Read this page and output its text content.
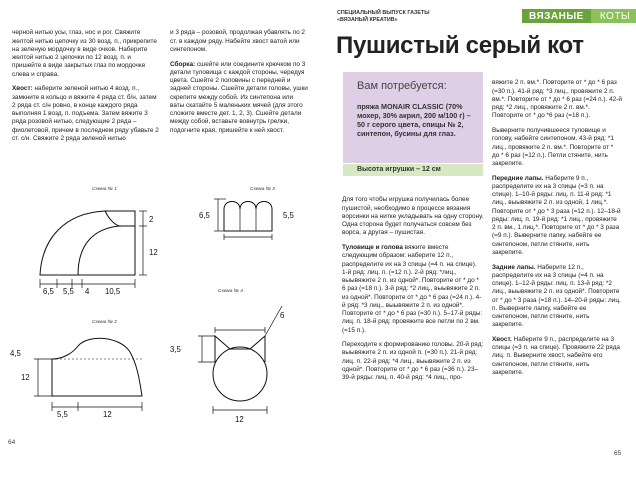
черной нитью усы, глаз, нос и рог. Свяжите желтой нитью цепочку из 30 возд. п., прикрепите на зеленую мордочку в виде очков. Наберите желтой нитью 2 цепочки по 12 возд. п. и пришейте в виде закрытых глаз по мордочке слева и справа.

Хвост: наберите зеленой нитью 4 возд. п., замкните в кольцо и вяжите 4 ряда ст. б/н, затем 2 ряда ст. с/н ровно, в конце каждого ряда выполняя 1 возд. п. подъема. Затем вяжите 3 ряда розовой нитью, следующие 2 ряда – фиолетовой, причем в последнем ряду убавьте 2 ст. с/н. Свяжите 2 ряда зеленой нитью

и 3 ряда – розовой, продолжая убавлять по 2 ст. в каждом ряду. Набейте хвост ватой или синтепоном.

Сборка: сшейте или соедините крючком по 3 детали туловища с каждой стороны, чередуя цвета. Сшейте 2 половины с передней и задней стороны. Сшейте детали головы, ушки скрепите между собой. Из синтепона или ваты скатайте 5 маленьких мячей (для этого сложите вместе дет. 1, 2, 3). Сшейте детали между собой, вставьте вовнутрь грелки, подогните края, пришейте к ней хвост.

Схема № 1
2
12
6,5 5,5 4 10,5
Схема № 2
4,5
12
5,5	12
Схема № 3
6,5	5,5
Схема № 4
6
3,5
12
64
СПЕЦИАЛЬНЫЙ ВЫПУСК ГАЗЕТЫ
«ВЯЗАНЫЙ КРЕАТИВ»	ВЯЗАНЫЕ	КОТЫ
Пушистый серый кот
Вам потребуется:
пряжа MONAIR CLASSIC (70% мохер, 30% акрил, 200 м/100 г) – 50 г серого цвета, спицы № 2, синтепон, бусины для глаз.
Высота игрушки – 12 см

Для того чтобы игрушка получилась более пушистой, необходимо в процессе вязания ворсинки на нитке укладывать на одну сторону. Одна сторона будет получаться совсем без ворса, а другая – пушистая.

Туловище и голова вяжите вместе следующим образом: наберите 12 п., распределите их на 3 спицы (=4 п. на спице). 1-й ряд: лиц. п. (=12 п.). 2-й ряд: *лиц., выывяжите 2 п. из одной*. Повторите от * до * 6 раз (=18 п.). 3-й ряд: *2 лиц., выывяжите 2 п. из одной*. Повторите от * до * 6 раз (=24 п.). 4-й ряд: *3 лиц., выывяжите 2 п. из одной*. Повторите от * до * 6 раз (=30 п.). 5–17-й ряды: лиц. п. 18-й ряд: провяжите все петли по 2 вм. (=15 п.).

Переходите к формированию головы. 20-й ряд: выывяжите 2 п. из одной п. (=30 п.). 21-й ряд: лиц. п. 22-й ряд: *4 лиц., выывяжите 2 п. из одной*. Повторите от * до * 6 раз (=36 п.). 23–39-й ряды: лиц. п. 40-й ряд: *4 лиц., про-

вяжите 2 п. вм.*. Повторите от * до * 6 раз (=30 п.). 41-й ряд: *3 лиц., провяжите 2 п. вм.*. Повторите от * до * 6 раз (=24 п.). 42-й ряд: *2 лиц., провяжите 2 п. вм.*. Повторите от * до *6 раз (=18 п.).

Выверните получившееся туловище и голову, набейте синтепоном. 43-й ряд: *1 лиц., провяжите 2 п. вм.*. Повторите от * до * 6 раз (=12 п.). Петли стяните, нить закрепите.

Передние лапы. Наберите 9 п., распределите их на 3 спицы (=3 п. на спице). 1–10-й ряды: лиц. п. 11-й ряд: *1 лиц., выывяжите 2 п. из одной, 1 лиц.*. Повторите от * до * 3 раза (=12 п.). 12–18-й ряды: лиц. п. 19-й ряд: *1 лиц., провяжите 2 п. вм., 1 лиц.*. Повторите от * до * 3 раза (=9 п.). Выверните лапку, набейте ее синтепоном, петли стяните, нить закрепите.

Задние лапы. Наберите 12 п., распределите их на 3 спицы (=4 п. на спице). 1–12-й ряды: лиц. п. 13-й ряд: *2 лиц., выывяжите 2 п. из одной*. Повторите от * до * 3 раза (=18 п.). 14–20-й ряды: лиц. п. Выверните лапку, набейте ее синтепоном, петли стяните, нить закрепите.

Хвост. Наберите 9 п., распределите на 3 спицы (=3 п. на спице). Провяжите 22 ряда лиц. п. Выверните хвост, набейте его синтепоном, петли стяните, нить закрепите.

65
